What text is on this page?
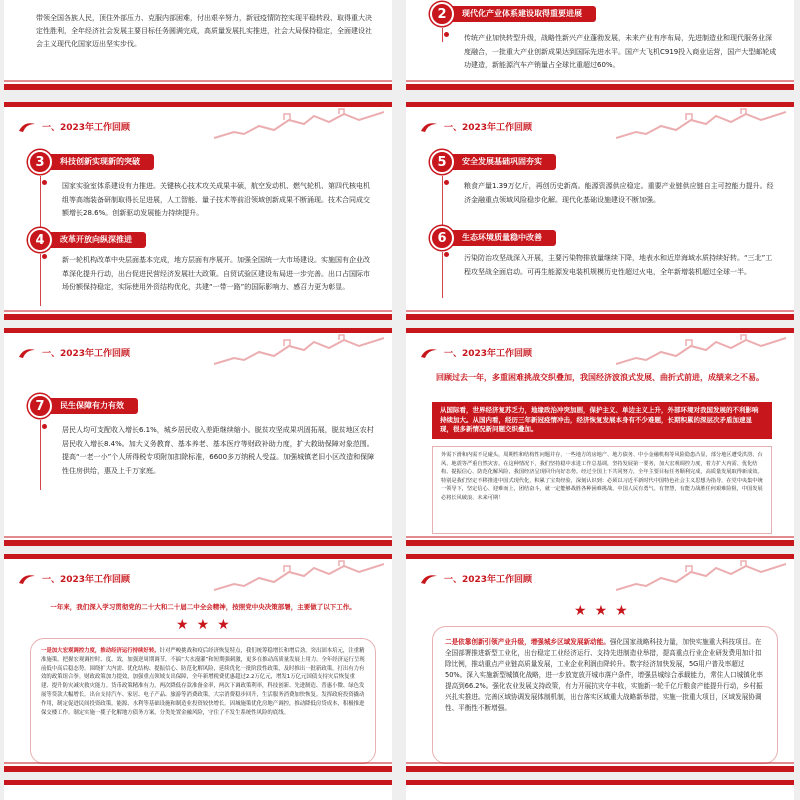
带领全国各族人民，顶住外部压力、克服内部困难，付出艰辛努力，新冠疫情防控实现平稳转段、取得重大决定性胜利，全年经济社会发展主要目标任务圆满完成，高质量发展扎实推进，社会大局保持稳定，全面建设社会主义现代化国家迈出坚实步伐。
2	现代化产业体系建设取得重要进展

传统产业加快转型升级，战略性新兴产业蓬勃发展，未来产业有序布局，先进制造业和现代服务业深度融合，一批重大产业创新成果达到国际先进水平。国产大飞机C919投入商业运营，国产大型邮轮成功建造，新能源汽车产销量占全球比重超过60%。

一、2023年工作回顾
3	科技创新实现新的突破

国家实验室体系建设有力推进。关键核心技术攻关成果丰硕，航空发动机、燃气轮机、第四代核电机组等高端装备研制取得长足进展，人工智能、量子技术等前沿领域创新成果不断涌现。技术合同成交额增长28.6%。创新驱动发展能力持续提升。

4	改革开放向纵深推进

新一轮机构改革中央层面基本完成，地方层面有序展开。加强全国统一大市场建设。实施国有企业改革深化提升行动，出台促进民营经济发展壮大政策。自贸试验区建设布局进一步完善。出口占国际市场份额保持稳定，实际使用外资结构优化，共建“一带一路”的国际影响力、感召力更为彰显。

一、2023年工作回顾
5	安全发展基础巩固夯实

粮食产量1.39万亿斤，再创历史新高。能源资源供应稳定。重要产业链供应链自主可控能力提升。经济金融重点领域风险稳步化解。现代化基础设施建设不断加强。

6	生态环境质量稳中改善

污染防治攻坚战深入开展，主要污染物排放量继续下降，地表水和近岸海域水质持续好转。“三北”工程攻坚战全面启动。可再生能源发电装机规模历史性超过火电，全年新增装机超过全球一半。

一、2023年工作回顾
7	民生保障有力有效

居民人均可支配收入增长6.1%，城乡居民收入差距继续缩小。脱贫攻坚成果巩固拓展，脱贫地区农村居民收入增长8.4%。加大义务教育、基本养老、基本医疗等财政补助力度，扩大救助保障对象范围。提高“一老一小”个人所得税专项附加扣除标准，6600多万纳税人受益。加强城镇老旧小区改造和保障性住房供给，惠及上千万家庭。

一、2023年工作回顾
回顾过去一年，多重困难挑战交织叠加，我国经济波浪式发展、曲折式前进，成绩来之不易。
从国际看，世界经济复苏乏力，地缘政治冲突加剧，保护主义、单边主义上升，外部环境对我国发展的不利影响持续加大。从国内看，经历三年新冠疫情冲击，经济恢复发展本身有不少难题，长期积累的深层次矛盾加速显现，很多新情况新问题交织叠加。
外需下滑和内需不足碰头，周期性和结构性问题并存，一些地方的房地产、地方债务、中小金融机构等风险隐患凸显，部分地区遭受洪涝、台风、地震等严重自然灾害。在这种情况下，我们坚持稳中求进工作总基调，坚持发展第一要务，加大宏观调控力度，着力扩大内需、优化结构、提振信心、防范化解风险，我国经济呈现回升向好态势。经过全国上下共同努力，全年主要目标任务顺利完成，高质量发展取得新成效。特别是我们坚定不移推进中国式现代化，积累了宝贵经验，深刻认识到：必须以习近平新时代中国特色社会主义思想为指导，在党中央集中统一领导下，坚定信心、迎难而上，团结奋斗，就一定能够战胜各种困难挑战。中国人民有勇气、有智慧，有能力战胜任何艰难险阻，中国发展必将长风破浪、未来可期！
一、2023年工作回顾
一年来，我们深入学习贯彻党的二十大和二十届二中全会精神，按照党中央决策部署，主要做了以下工作。
★ ★ ★
一是加大宏观调控力度，推动经济运行持续好转。针对严峻挑战和疫后经济恢复特点，我们统筹稳增长和增后劲，突出固本培元，注重精准施策，把握宏观调控时、度、效，加强逆周期调节，不搞“大水漫灌”和短期强刺激，更多在推动高质量发展上用力。全年经济运行呈现前低中高后稳态势。围绕扩大内需、优化结构、提振信心、防范化解风险，延续优化一批阶段性政策，及时推出一批新政策，打出有力有效的政策组合拳。财政政策加力提效，加强重点领域支出保障，全年新增税费优惠超过2.2万亿元，增发1万亿元国债支持灾后恢复重建、提升防灾减灾救灾能力。货币政策精准有力，两次降低存款准备金率，两次下调政策利率，科技创新、先进制造、普惠小微、绿色发展等贷款大幅增长。出台支持汽车、家居、电子产品、旅游等消费政策，大宗消费稳步回升，生活服务消费加快恢复。发挥政府投资撬动作用，制定促进民间投资政策，能源、水利等基础设施和制造业投资较快增长。因城施策优化房地产调控，推动降低房贷成本，积极推进保交楼工作。制定实施一揽子化解地方债务方案，分类处置金融风险，守住了不发生系统性风险的底线。
一、2023年工作回顾
★ ★ ★
二是依靠创新引领产业升级，增强城乡区域发展新动能。强化国家战略科技力量，加快实施重大科技项目。在全国部署推进新型工业化，出台稳定工业经济运行、支持先进制造业举措，提高重点行业企业研发费用加计扣除比例，推动重点产业链高质量发展，工业企业利润由降转升。数字经济加快发展，5G用户普及率超过50%。深入实施新型城镇化战略，进一步放宽放开城市落户条件，增强县城综合承载能力，常住人口城镇化率提高到66.2%。强化农业发展支持政策，有力开展抗灾夺丰收，实施新一轮千亿斤粮食产能提升行动，乡村振兴扎实推进。完善区域协调发展体制机制，出台落实区域重大战略新举措，实施一批重大项目，区域发展协调性、平衡性不断增强。
